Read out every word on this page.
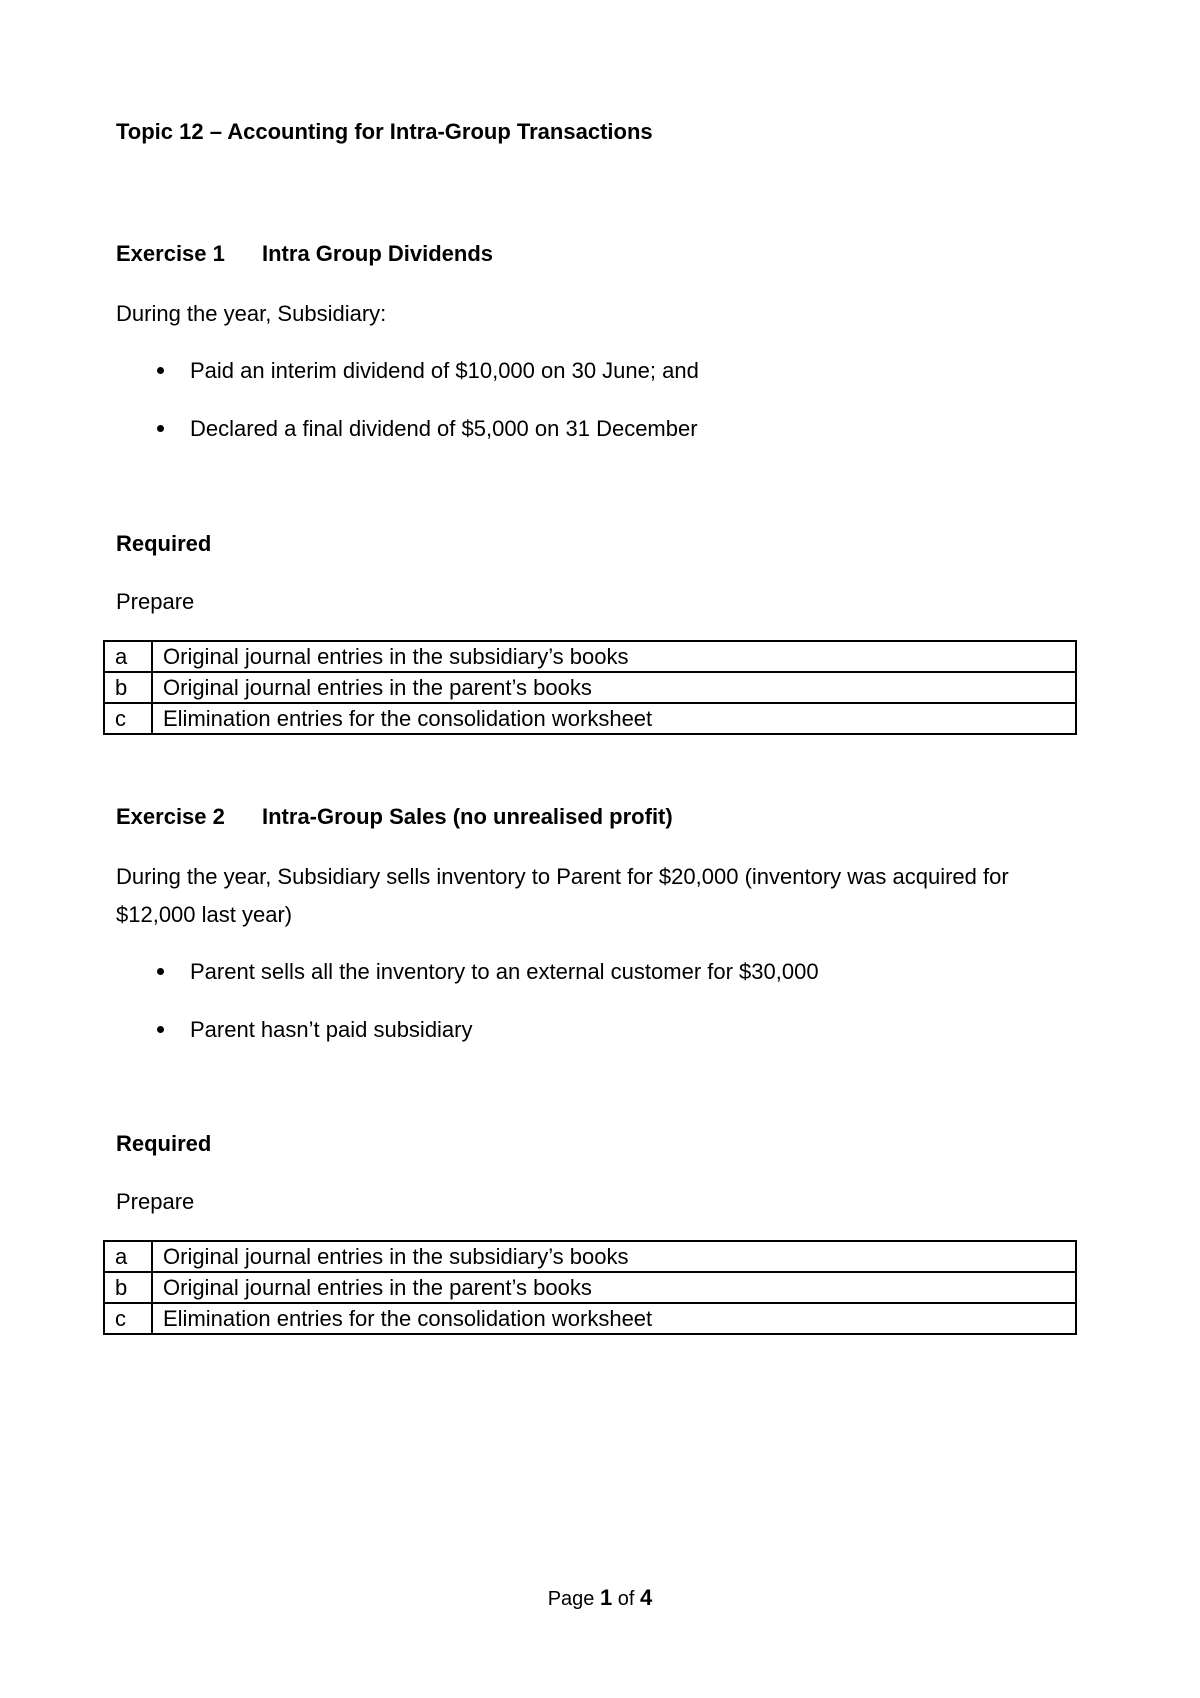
Topic 12 – Accounting for Intra-Group Transactions
Exercise 1 Intra Group Dividends
During the year, Subsidiary:
Paid an interim dividend of $10,000 on 30 June; and
Declared a final dividend of $5,000 on 31 December
Required
Prepare
a	Original journal entries in the subsidiary’s books
b	Original journal entries in the parent’s books
c	Elimination entries for the consolidation worksheet
Exercise 2 Intra-Group Sales (no unrealised profit)
During the year, Subsidiary sells inventory to Parent for $20,000 (inventory was acquired for $12,000 last year)
Parent sells all the inventory to an external customer for $30,000
Parent hasn’t paid subsidiary
Required
Prepare
a	Original journal entries in the subsidiary’s books
b	Original journal entries in the parent’s books
c	Elimination entries for the consolidation worksheet
Page 1 of 4
